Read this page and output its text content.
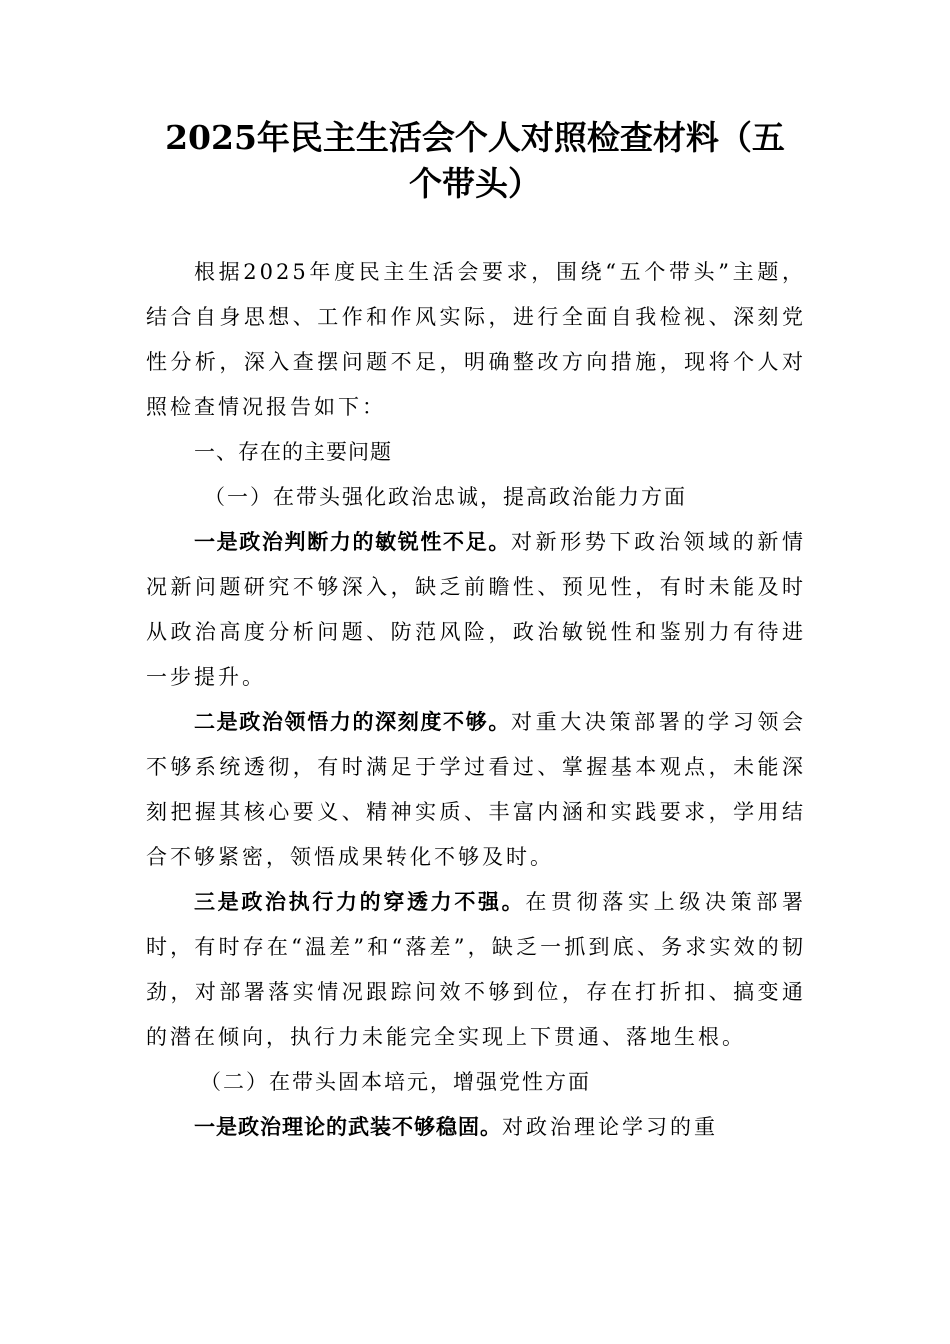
2025年民主生活会个人对照检查材料（五
个带头）

根据2025年度民主生活会要求，围绕“五个带头”主题，结合自身思想、工作和作风实际，进行全面自我检视、深刻党性分析，深入查摆问题不足，明确整改方向措施，现将个人对照检查情况报告如下：

一、存在的主要问题

（一）在带头强化政治忠诚，提高政治能力方面

一是政治判断力的敏锐性不足。对新形势下政治领域的新情况新问题研究不够深入，缺乏前瞻性、预见性，有时未能及时从政治高度分析问题、防范风险，政治敏锐性和鉴别力有待进一步提升。

二是政治领悟力的深刻度不够。对重大决策部署的学习领会不够系统透彻，有时满足于学过看过、掌握基本观点，未能深刻把握其核心要义、精神实质、丰富内涵和实践要求，学用结合不够紧密，领悟成果转化不够及时。

三是政治执行力的穿透力不强。在贯彻落实上级决策部署时，有时存在“温差”和“落差”，缺乏一抓到底、务求实效的韧劲，对部署落实情况跟踪问效不够到位，存在打折扣、搞变通的潜在倾向，执行力未能完全实现上下贯通、落地生根。

（二）在带头固本培元，增强党性方面

一是政治理论的武装不够稳固。对政治理论学习的重
